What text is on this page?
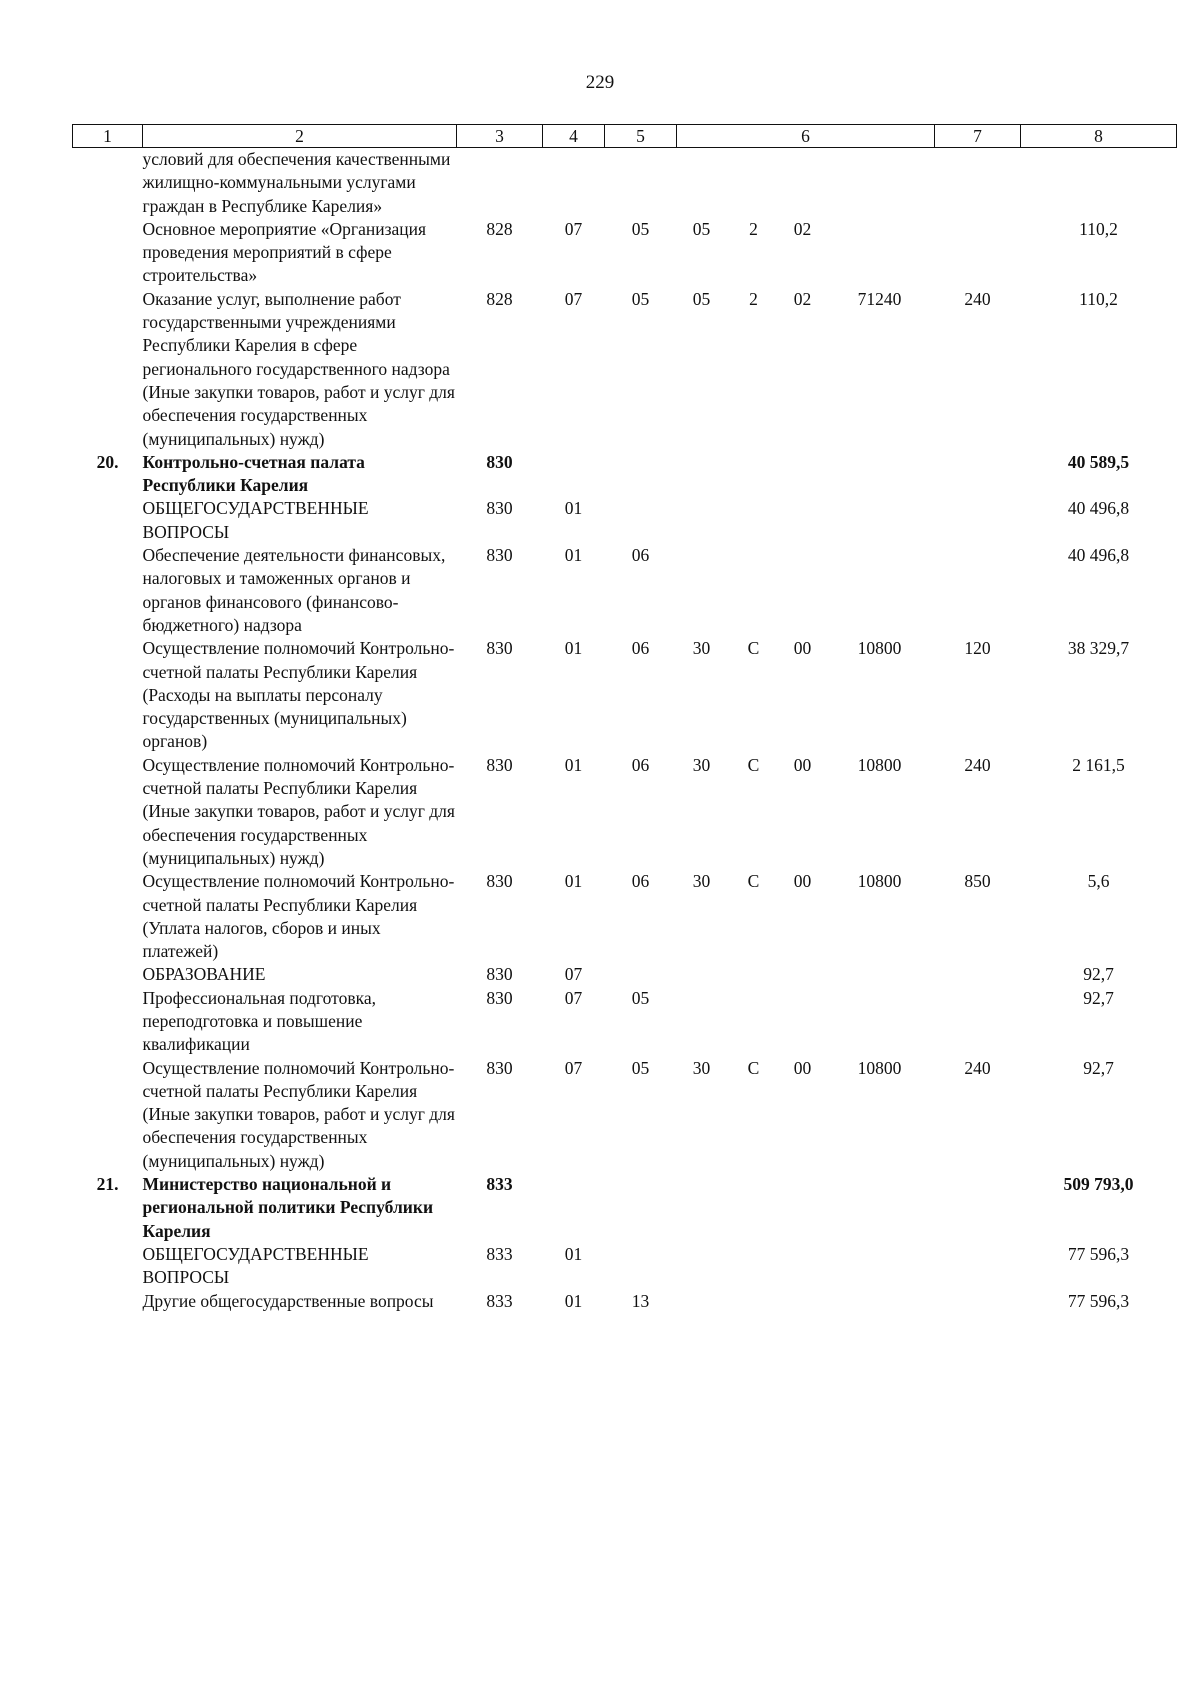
229
1	2	3	4	5	6				7	8
	условий для обеспечения качественными жилищно-коммунальными услугами граждан в Республике Карелия»									
	Основное мероприятие «Организация проведения мероприятий в сфере строительства»	828	07	05	05	2	02			110,2
	Оказание услуг, выполнение работ государственными учреждениями Республики Карелия в сфере регионального государственного надзора (Иные закупки товаров, работ и услуг для обеспечения государственных (муниципальных) нужд)	828	07	05	05	2	02	71240	240	110,2
20.	Контрольно-счетная палата Республики Карелия	830								40 589,5
	ОБЩЕГОСУДАРСТВЕННЫЕ ВОПРОСЫ	830	01							40 496,8
	Обеспечение деятельности финансовых, налоговых и таможенных органов и органов финансового (финансово-бюджетного) надзора	830	01	06						40 496,8
	Осуществление полномочий Контрольно-счетной палаты Республики Карелия (Расходы на выплаты персоналу государственных (муниципальных) органов)	830	01	06	30	С	00	10800	120	38 329,7
	Осуществление полномочий Контрольно-счетной палаты Республики Карелия (Иные закупки товаров, работ и услуг для обеспечения государственных (муниципальных) нужд)	830	01	06	30	С	00	10800	240	2 161,5
	Осуществление полномочий Контрольно-счетной палаты Республики Карелия (Уплата налогов, сборов и иных платежей)	830	01	06	30	С	00	10800	850	5,6
	ОБРАЗОВАНИЕ	830	07							92,7
	Профессиональная подготовка, переподготовка и повышение квалификации	830	07	05						92,7
	Осуществление полномочий Контрольно-счетной палаты Республики Карелия (Иные закупки товаров, работ и услуг для обеспечения государственных (муниципальных) нужд)	830	07	05	30	С	00	10800	240	92,7
21.	Министерство национальной и региональной политики Республики Карелия	833								509 793,0
	ОБЩЕГОСУДАРСТВЕННЫЕ ВОПРОСЫ	833	01							77 596,3
	Другие общегосударственные вопросы	833	01	13						77 596,3
